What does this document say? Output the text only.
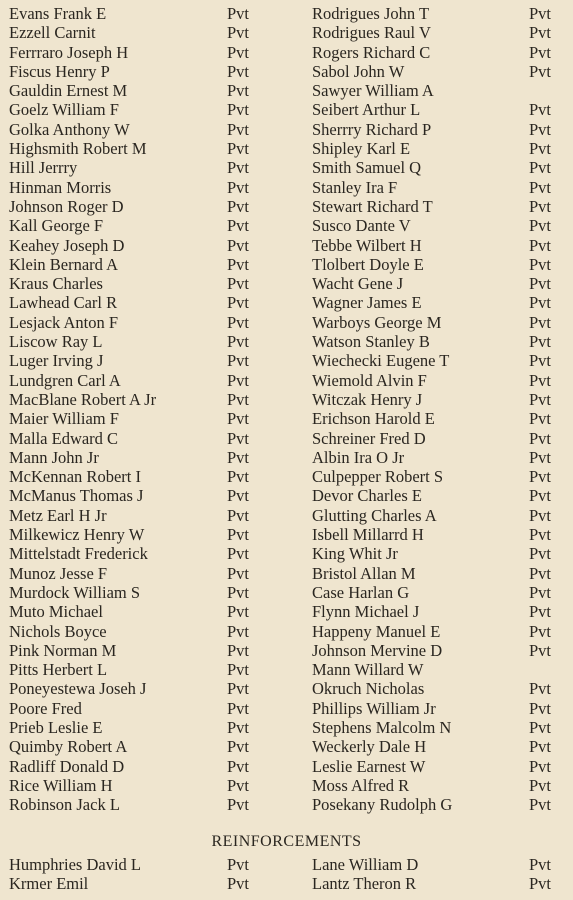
Evans Frank E	Pvt	Rodrigues John T	Pvt
Ezzell Carnit	Pvt	Rodrigues Raul V	Pvt
Ferrraro Joseph H	Pvt	Rogers Richard C	Pvt
Fiscus Henry P	Pvt	Sabol John W	Pvt
Gauldin Ernest M	Pvt	Sawyer William A
Goelz William F	Pvt	Seibert Arthur L	Pvt
Golka Anthony W	Pvt	Sherrry Richard P	Pvt
Highsmith Robert M	Pvt	Shipley Karl E	Pvt
Hill Jerrry	Pvt	Smith Samuel Q	Pvt
Hinman Morris	Pvt	Stanley Ira F	Pvt
Johnson Roger D	Pvt	Stewart Richard T	Pvt
Kall George F	Pvt	Susco Dante V	Pvt
Keahey Joseph D	Pvt	Tebbe Wilbert H	Pvt
Klein Bernard A	Pvt	Tlolbert Doyle E	Pvt
Kraus Charles	Pvt	Wacht Gene J	Pvt
Lawhead Carl R	Pvt	Wagner James E	Pvt
Lesjack Anton F	Pvt	Warboys George M	Pvt
Liscow Ray L	Pvt	Watson Stanley B	Pvt
Luger Irving J	Pvt	Wiechecki Eugene T	Pvt
Lundgren Carl A	Pvt	Wiemold Alvin F	Pvt
MacBlane Robert A Jr	Pvt	Witczak Henry J	Pvt
Maier William F	Pvt	Erichson Harold E	Pvt
Malla Edward C	Pvt	Schreiner Fred D	Pvt
Mann John Jr	Pvt	Albin Ira O Jr	Pvt
McKennan Robert I	Pvt	Culpepper Robert S	Pvt
McManus Thomas J	Pvt	Devor Charles E	Pvt
Metz Earl H Jr	Pvt	Glutting Charles A	Pvt
Milkewicz Henry W	Pvt	Isbell Millarrd H	Pvt
Mittelstadt Frederick	Pvt	King Whit Jr	Pvt
Munoz Jesse F	Pvt	Bristol Allan M	Pvt
Murdock William S	Pvt	Case Harlan G	Pvt
Muto Michael	Pvt	Flynn Michael J	Pvt
Nichols Boyce	Pvt	Happeny Manuel E	Pvt
Pink Norman M	Pvt	Johnson Mervine D	Pvt
Pitts Herbert L	Pvt	Mann Willard W
Poneyestewa Joseh J	Pvt	Okruch Nicholas	Pvt
Poore Fred	Pvt	Phillips William Jr	Pvt
Prieb Leslie E	Pvt	Stephens Malcolm N	Pvt
Quimby Robert A	Pvt	Weckerly Dale H	Pvt
Radliff Donald D	Pvt	Leslie Earnest W	Pvt
Rice William H	Pvt	Moss Alfred R	Pvt
Robinson Jack L	Pvt	Posekany Rudolph G	Pvt
REINFORCEMENTS
Humphries David L	Pvt	Lane William D	Pvt
Krmer Emil	Pvt	Lantz Theron R	Pvt
